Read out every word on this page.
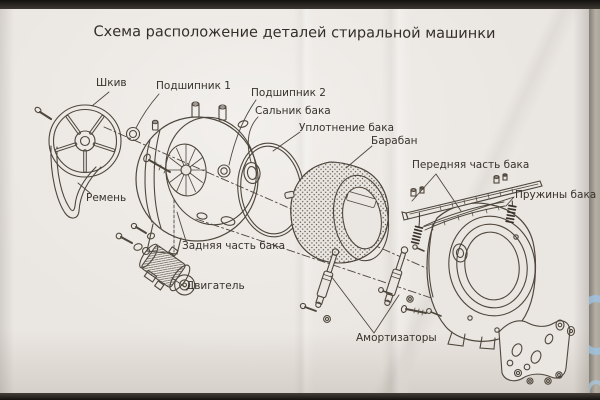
Схема расположение деталей стиральной машинки
Шкив	Подшипник 1
Подшипник 2
Сальник бака
Уплотнение бака
Барабан
Передняя часть бака
Пружины бака
Ремень
Задняя часть бака
Двигатель
Амортизаторы
